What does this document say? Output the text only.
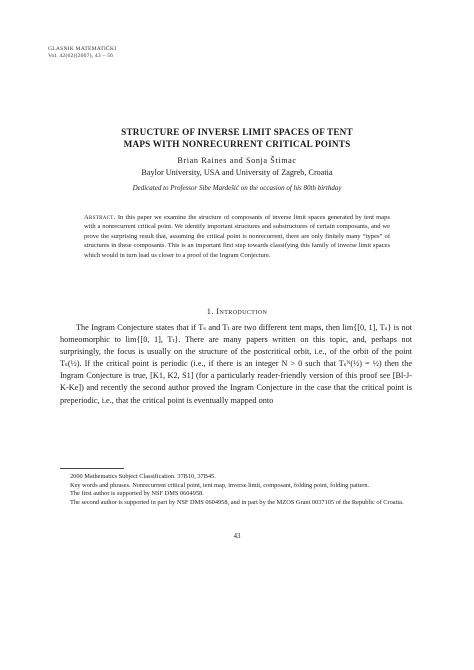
GLASNIK MATEMATIČKI
Vol. 42(62)(2007), 43 – 56
STRUCTURE OF INVERSE LIMIT SPACES OF TENT
MAPS WITH NONRECURRENT CRITICAL POINTS
Brian Raines and Sonja Štimac
Baylor University, USA and University of Zagreb, Croatia
Dedicated to Professor Sibe Mardešić on the occasion of his 80th birthday
Abstract. In this paper we examine the structure of composants of inverse limit spaces generated by tent maps with a nonrecurrent critical point. We identify important structures and substructures of certain composants, and we prove the surprising result that, assuming the critical point is nonrecurrent, there are only finitely many “types” of structures in these composants. This is an important first step towards classifying this family of inverse limit spaces which would in turn lead us closer to a proof of the Ingram Conjecture.
1. Introduction

The Ingram Conjecture states that if Tₛ and Tₜ are two different tent maps, then lim{[0, 1], Tₛ} is not homeomorphic to lim{[0, 1], Tₜ}. There are many papers written on this topic, and, perhaps not surprisingly, the focus is usually on the structure of the postcritical orbit, i.e., of the orbit of the point Tₛ(½). If the critical point is periodic (i.e., if there is an integer N > 0 such that Tₛᴺ(½) = ½) then the Ingram Conjecture is true, [K1, K2, S1] (for a particularly reader-friendly version of this proof see [Bl-J-K-Ke]) and recently the second author proved the Ingram Conjecture in the case that the critical point is preperiodic, i.e., that the critical point is eventually mapped onto

2000 Mathematics Subject Classification. 37B10, 37B45.

Key words and phrases. Nonrecurrent critical point, tent map, inverse limit, composant, folding point, folding pattern.

The first author is supported by NSF DMS 0604958.

The second author is supported in part by NSF DMS 0604958, and in part by the MZOS Grant 0037105 of the Republic of Croatia.

43
